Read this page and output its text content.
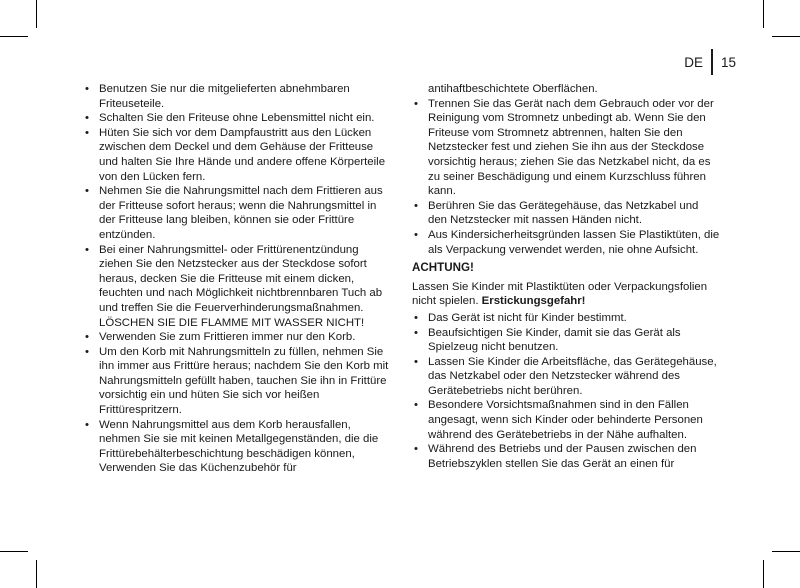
DE 15
• Benutzen Sie nur die mitgelieferten abnehmbaren Friteuseteile.
• Schalten Sie den Friteuse ohne Lebensmittel nicht ein.
• Hüten Sie sich vor dem Dampfaustritt aus den Lücken zwischen dem Deckel und dem Gehäuse der Fritteuse und halten Sie Ihre Hände und andere offene Körperteile von den Lücken fern.
• Nehmen Sie die Nahrungsmittel nach dem Frittieren aus der Fritteuse sofort heraus; wenn die Nahrungsmittel in der Fritteuse lang bleiben, können sie oder Frittüre entzünden.
• Bei einer Nahrungsmittel- oder Frittürenentzündung ziehen Sie den Netzstecker aus der Steckdose sofort heraus, decken Sie die Fritteuse mit einem dicken, feuchten und nach Möglichkeit nichtbrennbaren Tuch ab und treffen Sie die Feuerverhinderungsmaßnahmen. LÖSCHEN SIE DIE FLAMME MIT WASSER NICHT!
• Verwenden Sie zum Frittieren immer nur den Korb.
• Um den Korb mit Nahrungsmitteln zu füllen, nehmen Sie ihn immer aus Frittüre heraus; nachdem Sie den Korb mit Nahrungsmitteln gefüllt haben, tauchen Sie ihn in Frittüre vorsichtig ein und hüten Sie sich vor heißen Frittürespritzern.
• Wenn Nahrungsmittel aus dem Korb herausfallen, nehmen Sie sie mit keinen Metallgegenständen, die die Frittürebehälterbeschichtung beschädigen können, Verwenden Sie das Küchenzubehör für
antihaftbeschichtete Oberflächen.
• Trennen Sie das Gerät nach dem Gebrauch oder vor der Reinigung vom Stromnetz unbedingt ab. Wenn Sie den Friteuse vom Stromnetz abtrennen, halten Sie den Netzstecker fest und ziehen Sie ihn aus der Steckdose vorsichtig heraus; ziehen Sie das Netzkabel nicht, da es zu seiner Beschädigung und einem Kurzschluss führen kann.
• Berühren Sie das Gerätegehäuse, das Netzkabel und den Netzstecker mit nassen Händen nicht.
• Aus Kindersicherheitsgründen lassen Sie Plastiktüten, die als Verpackung verwendet werden, nie ohne Aufsicht.
ACHTUNG!

Lassen Sie Kinder mit Plastiktüten oder Verpackungsfolien nicht spielen. Erstickungsgefahr!

• Das Gerät ist nicht für Kinder bestimmt.
• Beaufsichtigen Sie Kinder, damit sie das Gerät als Spielzeug nicht benutzen.
• Lassen Sie Kinder die Arbeitsfläche, das Gerätegehäuse, das Netzkabel oder den Netzstecker während des Gerätebetriebs nicht berühren.
• Besondere Vorsichtsmaßnahmen sind in den Fällen angesagt, wenn sich Kinder oder behinderte Personen während des Gerätebetriebs in der Nähe aufhalten.
• Während des Betriebs und der Pausen zwischen den Betriebszyklen stellen Sie das Gerät an einen für
